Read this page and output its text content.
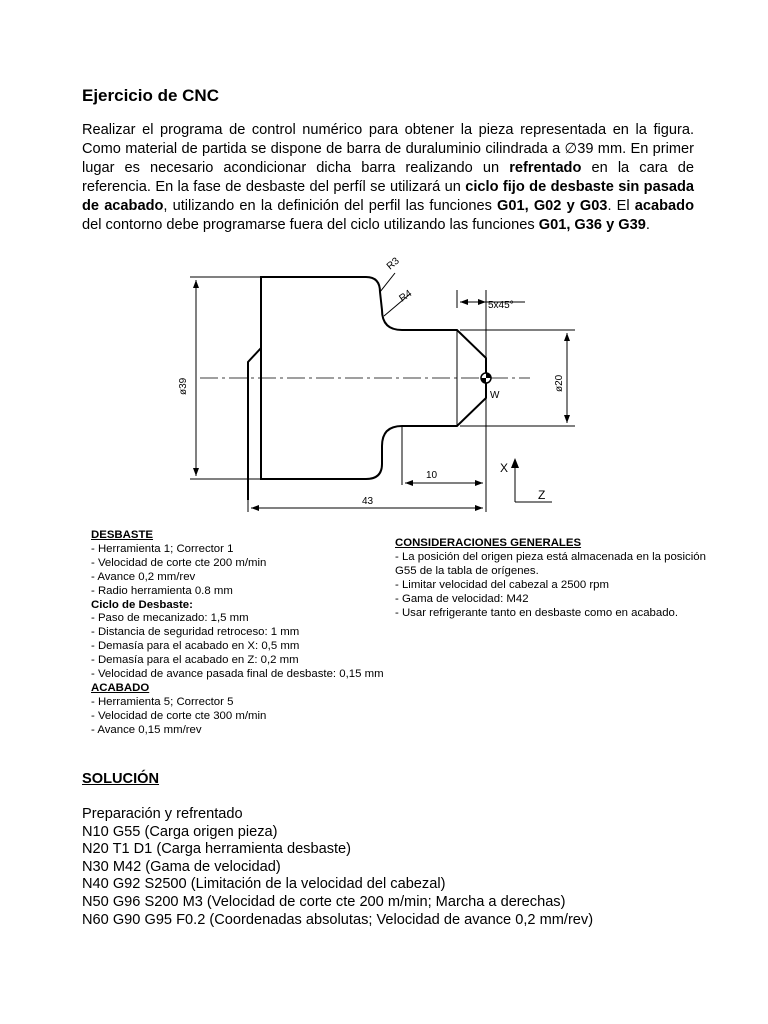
Ejercicio de CNC
Realizar el programa de control numérico para obtener la pieza representada en la figura. Como material de partida se dispone de barra de duraluminio cilindrada a ∅39 mm. En primer lugar es necesario acondicionar dicha barra realizando un refrentado en la cara de referencia. En la fase de desbaste del perfíl se utilizará un ciclo fijo de desbaste sin pasada de acabado, utilizando en la definición del perfil las funciones G01, G02 y G03. El acabado del contorno debe programarse fuera del ciclo utilizando las funciones G01, G36 y G39.
R3
R4
5x45°
ø39	ø20
W
10
43
X
Z
DESBASTE
- Herramienta 1; Corrector 1
- Velocidad de corte cte 200 m/min
- Avance 0,2 mm/rev
- Radio herramienta 0.8 mm
Ciclo de Desbaste:
- Paso de mecanizado: 1,5 mm
- Distancia de seguridad retroceso: 1 mm
- Demasía para el acabado en X: 0,5 mm
- Demasía para el acabado en Z: 0,2 mm
- Velocidad de avance pasada final de desbaste: 0,15 mm
ACABADO
- Herramienta 5; Corrector 5
- Velocidad de corte cte 300 m/min
- Avance 0,15 mm/rev
CONSIDERACIONES GENERALES
- La posición del origen pieza está almacenada en la posición G55 de la tabla de orígenes.
- Limitar velocidad del cabezal a 2500 rpm
- Gama de velocidad: M42
- Usar refrigerante tanto en desbaste como en acabado.
SOLUCIÓN
Preparación y refrentado
N10 G55 (Carga origen pieza)
N20 T1 D1 (Carga herramienta desbaste)
N30 M42 (Gama de velocidad)
N40 G92 S2500 (Limitación de la velocidad del cabezal)
N50 G96 S200 M3 (Velocidad de corte cte 200 m/min; Marcha a derechas)
N60 G90 G95 F0.2 (Coordenadas absolutas; Velocidad de avance 0,2 mm/rev)
